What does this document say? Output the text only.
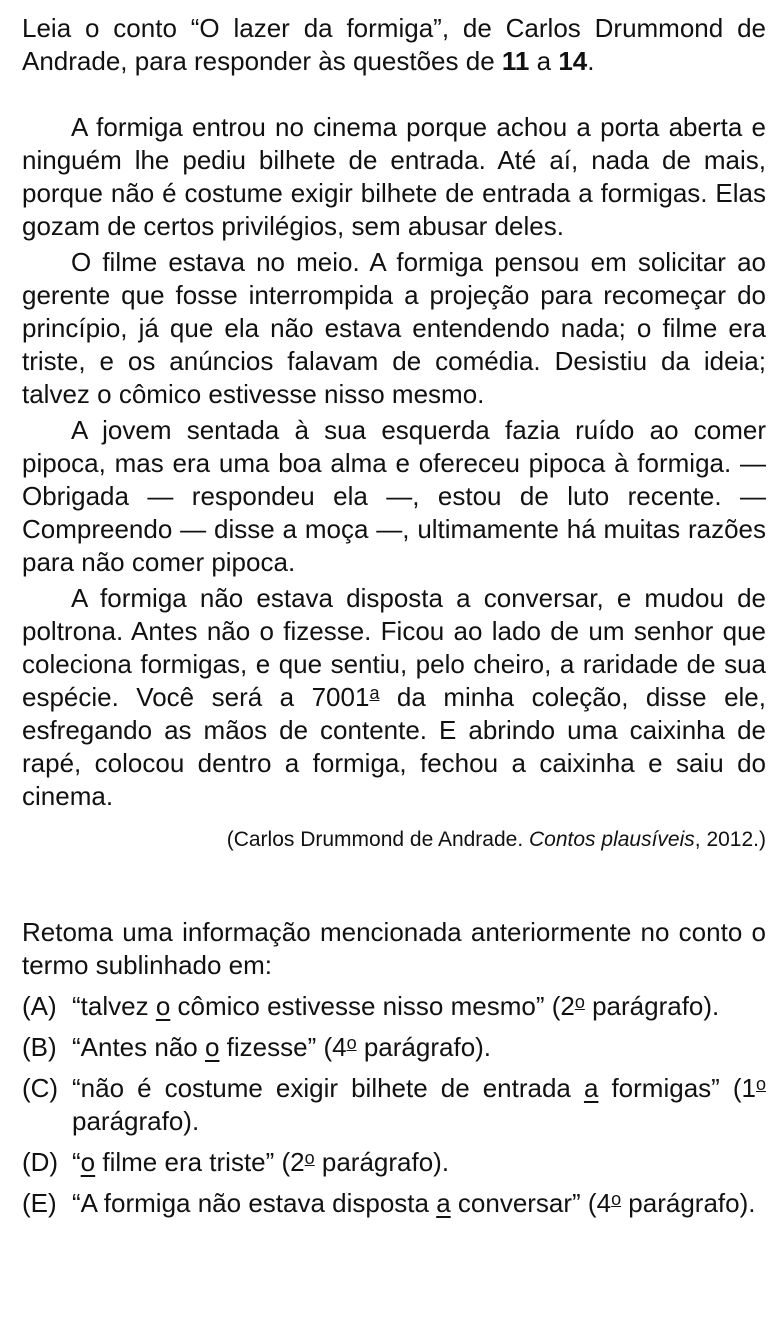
Leia o conto “O lazer da formiga”, de Carlos Drummond de Andrade, para responder às questões de 11 a 14.

A formiga entrou no cinema porque achou a porta aberta e ninguém lhe pediu bilhete de entrada. Até aí, nada de mais, porque não é costume exigir bilhete de entrada a formigas. Elas gozam de certos privilégios, sem abusar deles.

O filme estava no meio. A formiga pensou em solicitar ao gerente que fosse interrompida a projeção para recomeçar do princípio, já que ela não estava entendendo nada; o filme era triste, e os anúncios falavam de comédia. Desistiu da ideia; talvez o cômico estivesse nisso mesmo.

A jovem sentada à sua esquerda fazia ruído ao comer pipoca, mas era uma boa alma e ofereceu pipoca à formiga. — Obrigada — respondeu ela —, estou de luto recente. — Compreendo — disse a moça —, ultimamente há muitas razões para não comer pipoca.

A formiga não estava disposta a conversar, e mudou de poltrona. Antes não o fizesse. Ficou ao lado de um senhor que coleciona formigas, e que sentiu, pelo cheiro, a raridade de sua espécie. Você será a 7001$^a$ da minha coleção, disse ele, esfregando as mãos de contente. E abrindo uma caixinha de rapé, colocou dentro a formiga, fechou a caixinha e saiu do cinema.

(Carlos Drummond de Andrade. Contos plausíveis, 2012.)

Retoma uma informação mencionada anteriormente no conto o termo sublinhado em:

(A) “talvez o cômico estivesse nisso mesmo” (2$^o$ parágrafo).
(B) “Antes não o fizesse” (4$^o$ parágrafo).
(C) “não é costume exigir bilhete de entrada a formigas” (1$^o$ parágrafo).
(D) “o filme era triste” (2$^o$ parágrafo).
(E) “A formiga não estava disposta a conversar” (4$^o$ parágrafo).
